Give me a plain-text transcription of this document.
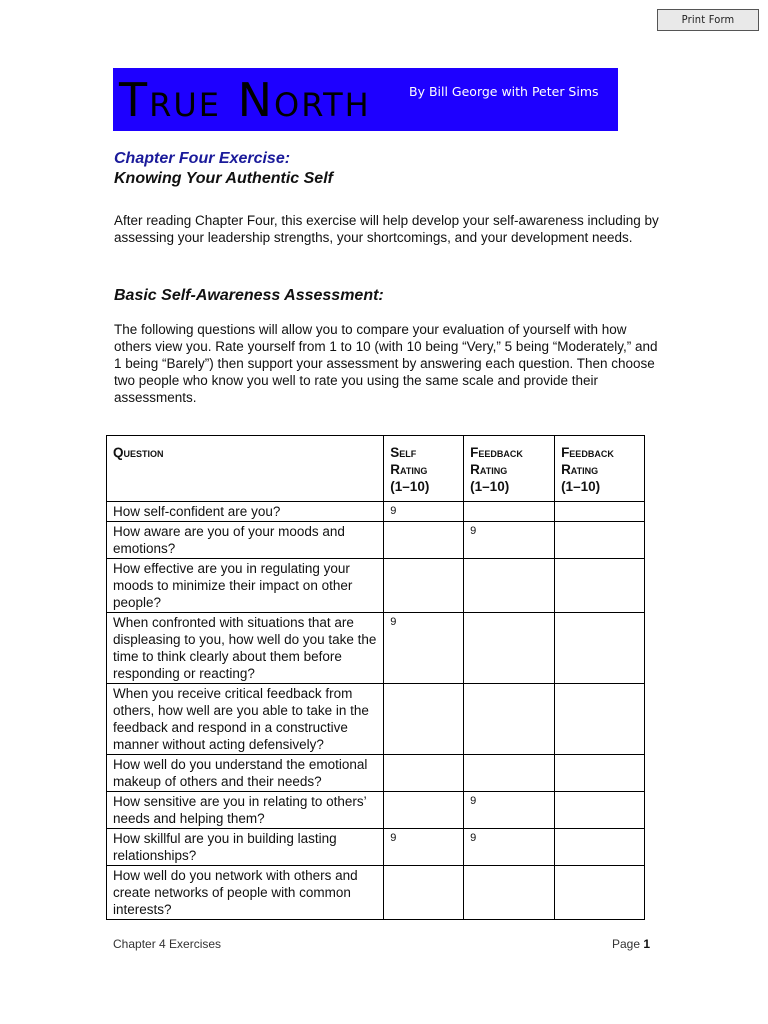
Print Form
True North	By Bill George with Peter Sims
Chapter Four Exercise:
Knowing Your Authentic Self

After reading Chapter Four, this exercise will help develop your self-awareness including by assessing your leadership strengths, your shortcomings, and your development needs.

Basic Self-Awareness Assessment:

The following questions will allow you to compare your evaluation of yourself with how others view you. Rate yourself from 1 to 10 (with 10 being “Very,” 5 being “Moderately,” and 1 being “Barely”) then support your assessment by answering each question. Then choose two people who know you well to rate you using the same scale and provide their assessments.

Question	Self
Rating
(1–10)	Feedback
Rating
(1–10)	Feedback
Rating
(1–10)
How self-confident are you?	9		
How aware are you of your moods and emotions?		9	
How effective are you in regulating your moods to minimize their impact on other people?			
When confronted with situations that are displeasing to you, how well do you take the time to think clearly about them before responding or reacting?	9		
When you receive critical feedback from others, how well are you able to take in the feedback and respond in a constructive manner without acting defensively?			
How well do you understand the emotional makeup of others and their needs?			
How sensitive are you in relating to others’ needs and helping them?		9	
How skillful are you in building lasting relationships?	9	9	
How well do you network with others and create networks of people with common interests?			
Chapter 4 Exercises	Page 1
